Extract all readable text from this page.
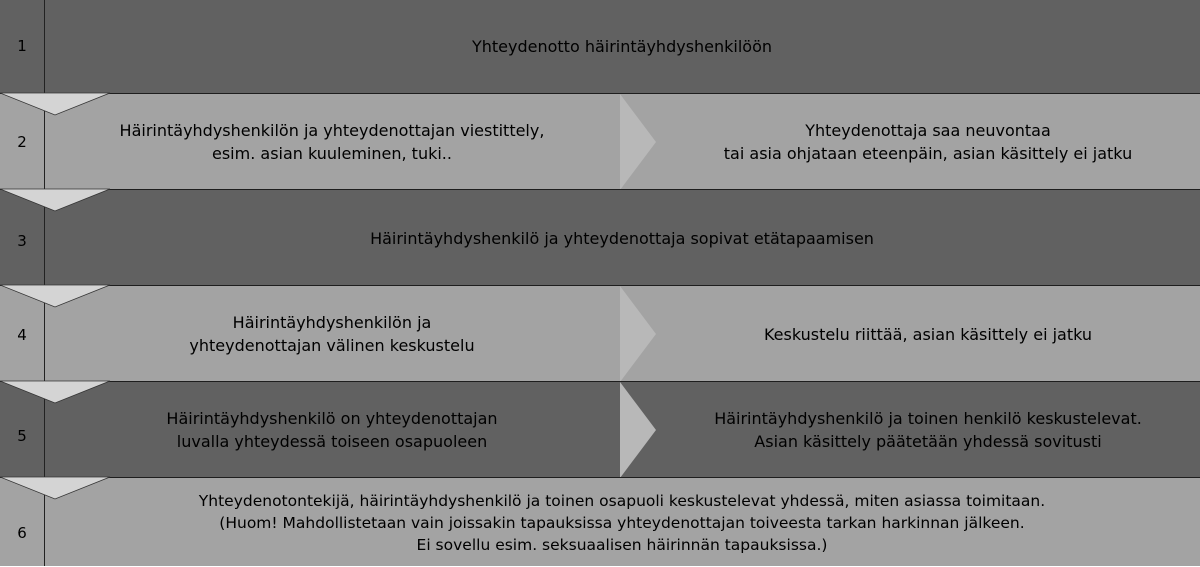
1	Yhteydenotto häirintäyhdyshenkilöön
2
Häirintäyhdyshenkilön ja yhteydenottajan viestittely,
esim. asian kuuleminen, tuki..
Yhteydenottaja saa neuvontaa
tai asia ohjataan eteenpäin, asian käsittely ei jatku
3	Häirintäyhdyshenkilö ja yhteydenottaja sopivat etätapaamisen
4
Häirintäyhdyshenkilön ja
yhteydenottajan välinen keskustelu
Keskustelu riittää, asian käsittely ei jatku
5
Häirintäyhdyshenkilö on yhteydenottajan
luvalla yhteydessä toiseen osapuoleen
Häirintäyhdyshenkilö ja toinen henkilö keskustelevat.
Asian käsittely päätetään yhdessä sovitusti
6
Yhteydenotontekijä, häirintäyhdyshenkilö ja toinen osapuoli keskustelevat yhdessä, miten asiassa toimitaan.
(Huom! Mahdollistetaan vain joissakin tapauksissa yhteydenottajan toiveesta tarkan harkinnan jälkeen.
Ei sovellu esim. seksuaalisen häirinnän tapauksissa.)
